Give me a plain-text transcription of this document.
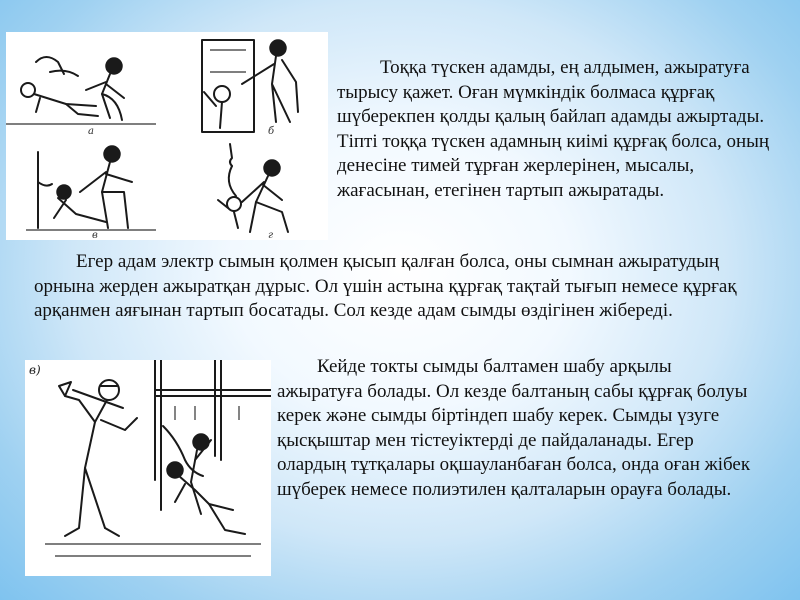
а	б
в	г
в)

Тоққа түскен адамды, ең алдымен, ажыратуға тырысу қажет. Оған мүмкіндік болмаса құрғақ шүберекпен қолды қалың байлап адамды ажыртады. Тіпті тоққа түскен адамның киімі құрғақ болса, оның денесіне тимей тұрған жерлерінен, мысалы, жағасынан, етегінен тартып ажыратады.

Егер адам электр сымын қолмен қысып қалған болса, оны сымнан ажыратудың орнына жерден ажыратқан дұрыс. Ол үшін астына құрғақ тақтай тығып немесе құрғақ арқанмен аяғынан тартып босатады. Сол кезде адам сымды өздігінен жібереді.

Кейде токты сымды балтамен шабу арқылы ажыратуға болады. Ол кезде балтаның сабы құрғақ болуы керек және сымды біртіндеп шабу керек. Сымды үзуге қысқыштар мен тістеуіктерді де пайдаланады. Егер олардың тұтқалары оқшауланбаған болса, онда оған жібек шүберек немесе полиэтилен қалталарын орауға болады.
